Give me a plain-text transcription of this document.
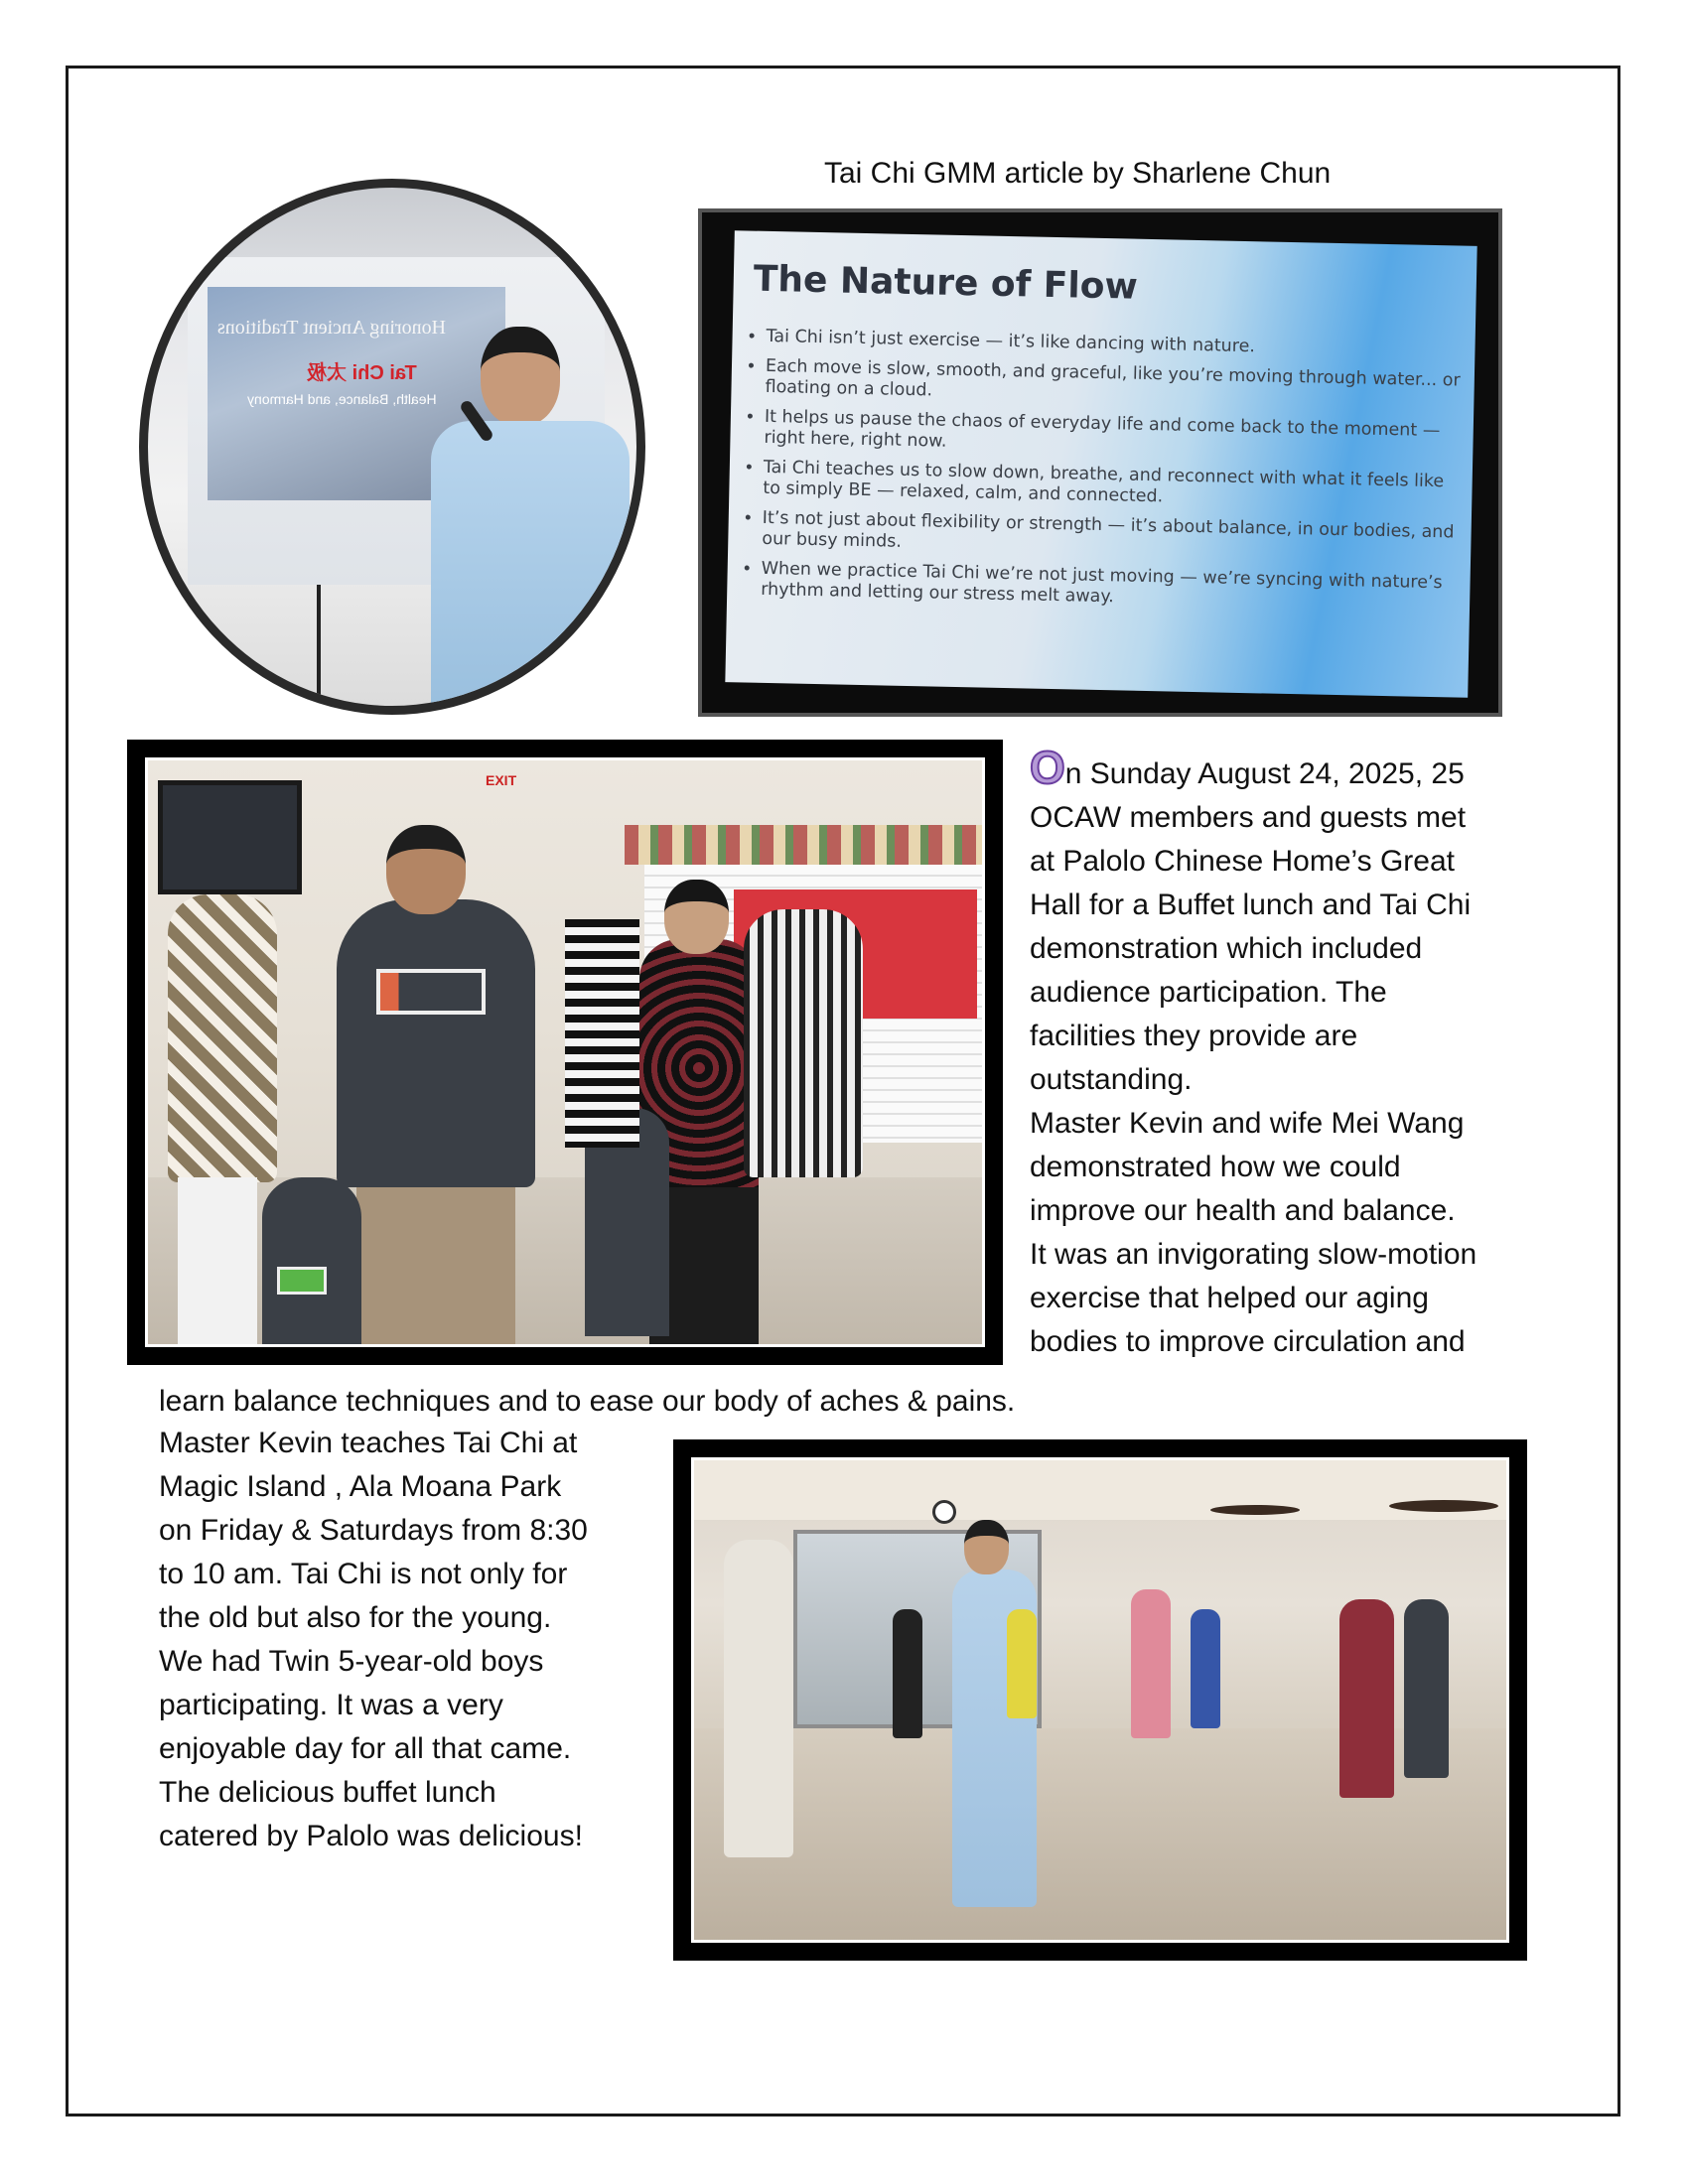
Tai Chi GMM article by Sharlene Chun
Honoring Ancient Traditions
Tai Chi 太极
Health, Balance, and Harmony
The Nature of Flow
• Tai Chi isn’t just exercise — it’s like dancing with nature.
• Each move is slow, smooth, and graceful, like you’re moving through water... or floating on a cloud.
• It helps us pause the chaos of everyday life and come back to the moment — right here, right now.
• Tai Chi teaches us to slow down, breathe, and reconnect with what it feels like to simply BE — relaxed, calm, and connected.
• It’s not just about flexibility or strength — it’s about balance, in our bodies, and our busy minds.
• When we practice Tai Chi we’re not just moving — we’re syncing with nature’s rhythm and letting our stress melt away.
EXIT	On Sunday August 24, 2025, 25
OCAW members and guests met
at Palolo Chinese Home’s Great
Hall for a Buffet lunch and Tai Chi
demonstration which included
audience participation. The
facilities they provide are
outstanding.
Master Kevin and wife Mei Wang
demonstrated how we could
improve our health and balance.
It was an invigorating slow-motion
exercise that helped our aging
bodies to improve circulation and
learn balance techniques and to ease our body of aches & pains.
Master Kevin teaches Tai Chi at
Magic Island , Ala Moana Park
on Friday & Saturdays from 8:30
to 10 am. Tai Chi is not only for
the old but also for the young.
We had Twin 5-year-old boys
participating. It was a very
enjoyable day for all that came.
The delicious buffet lunch
catered by Palolo was delicious!
